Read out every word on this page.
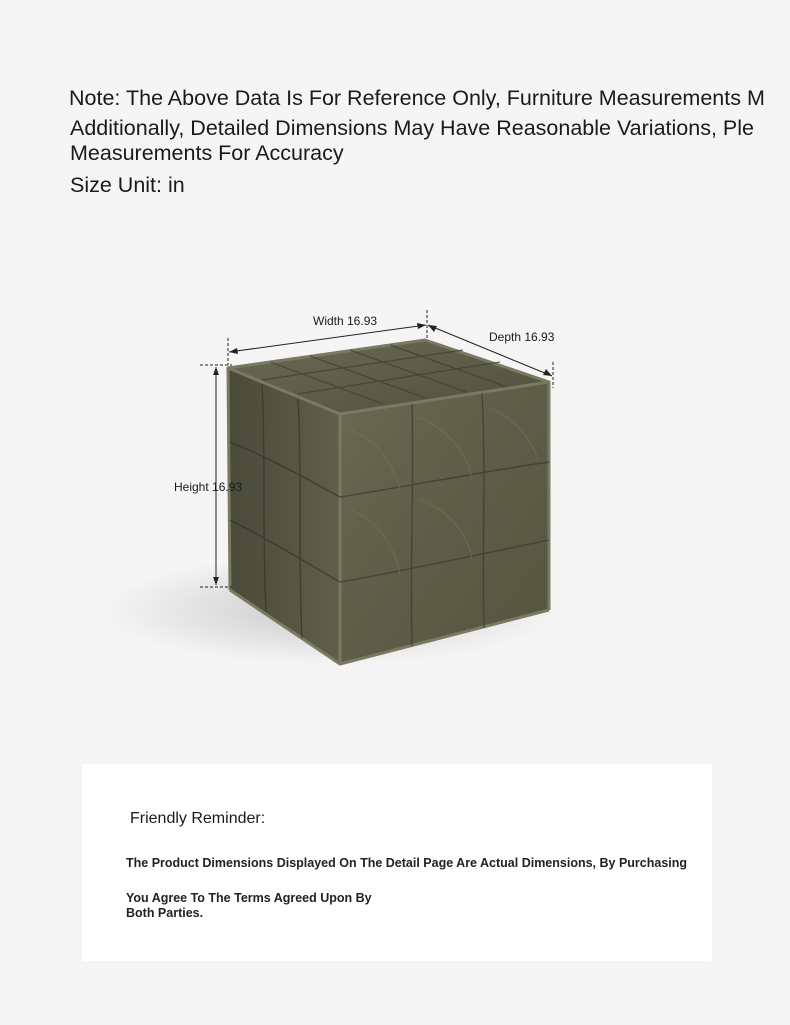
Note: The Above Data Is For Reference Only, Furniture Measurements M
Additionally, Detailed Dimensions May Have Reasonable Variations, Ple
Measurements For Accuracy
Size Unit: in
Width 16.93
Depth 16.93
Height 16.93
Friendly Reminder:
The Product Dimensions Displayed On The Detail Page Are Actual Dimensions, By Purchasing
You Agree To The Terms Agreed Upon By Both Parties.
